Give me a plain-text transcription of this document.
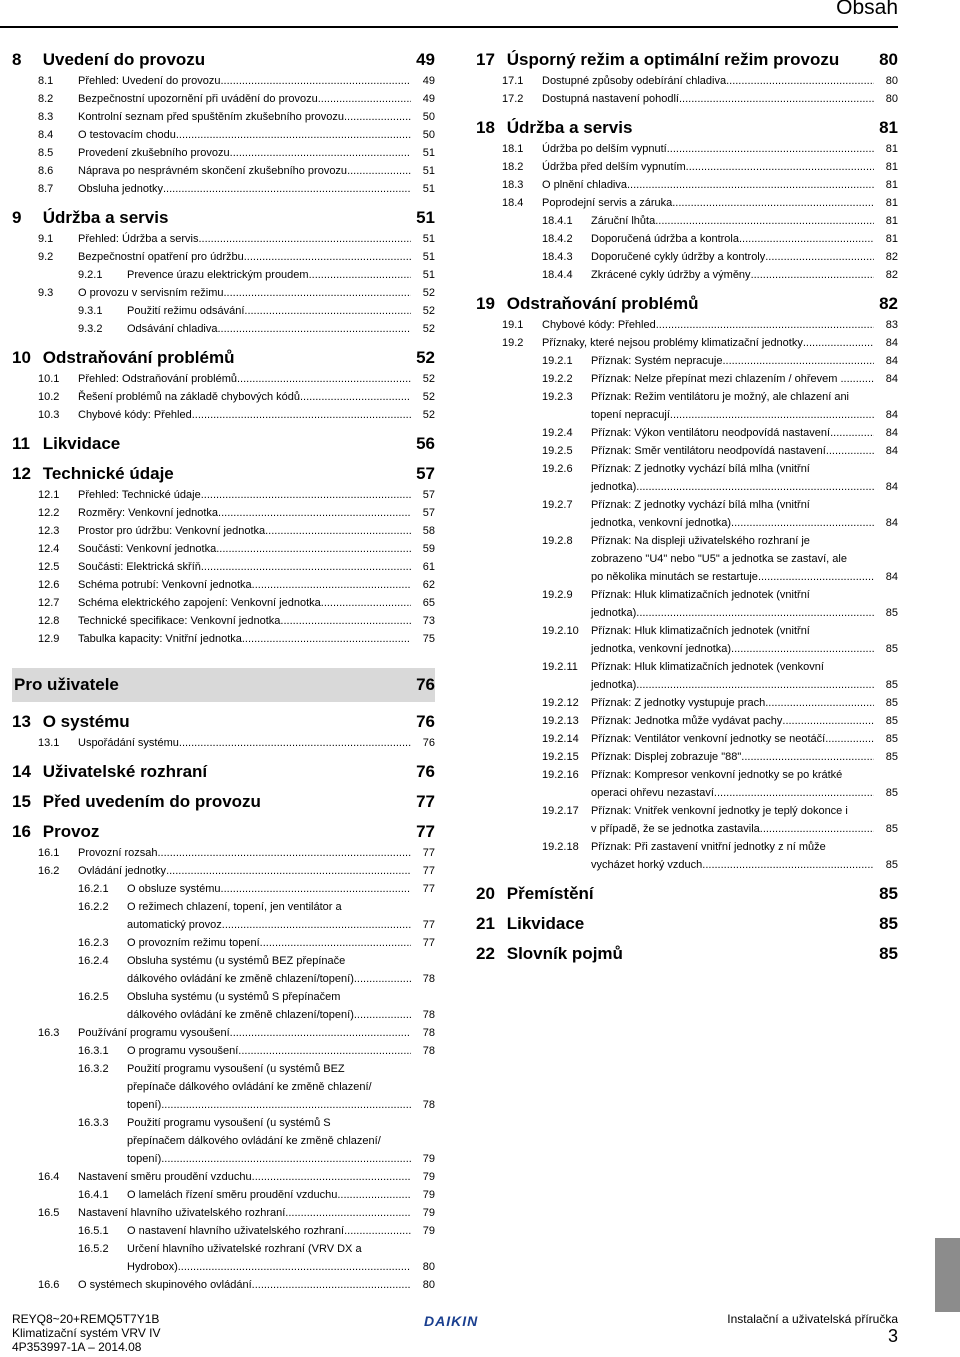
Obsah
8 Uvedení do provozu	49
8.1	Přehled: Uvedení do provozu .....	49
8.2	Bezpečnostní upozornění při uvádění do provozu .....	49
8.3	Kontrolní seznam před spuštěním zkušebního provozu .....	50
8.4	O testovacím chodu .....	50
8.5	Provedení zkušebního provozu .....	51
8.6	Náprava po nesprávném skončení zkušebního provozu .....	51
8.7	Obsluha jednotky .....	51
9 Údržba a servis	51
9.1	Přehled: Údržba a servis .....	51
9.2	Bezpečnostní opatření pro údržbu .....	51
9.2.1	Prevence úrazu elektrickým proudem. .....	51
9.3	O provozu v servisním režimu .....	52
9.3.1	Použití režimu odsávání .....	52
9.3.2	Odsávání chladiva .....	52
10 Odstraňování problémů	52
10.1	Přehled: Odstraňování problémů .....	52
10.2	Řešení problémů na základě chybových kódů .....	52
10.3	Chybové kódy: Přehled .....	52
11 Likvidace	56
12 Technické údaje	57
12.1	Přehled: Technické údaje .....	57
12.2	Rozměry: Venkovní jednotka .....	57
12.3	Prostor pro údržbu: Venkovní jednotka .....	58
12.4	Součásti: Venkovní jednotka .....	59
12.5	Součásti: Elektrická skříň .....	61
12.6	Schéma potrubí: Venkovní jednotka .....	62
12.7	Schéma elektrického zapojení: Venkovní jednotka .....	65
12.8	Technické specifikace: Venkovní jednotka .....	73
12.9	Tabulka kapacity: Vnitřní jednotka .....	75
Pro uživatele	76
13 O systému	76
13.1	Uspořádání systému .....	76
14 Uživatelské rozhraní	76
15 Před uvedením do provozu	77
16 Provoz	77
16.1	Provozní rozsah .....	77
16.2	Ovládání jednotky .....	77
16.2.1	O obsluze systému .....	77
16.2.2	O režimech chlazení, topení, jen ventilátor a
automatický provoz .....	77
16.2.3	O provozním režimu topení .....	77
16.2.4	Obsluha systému (u systémů BEZ přepínače
dálkového ovládání ke změně chlazení/topení) .....	78
16.2.5	Obsluha systému (u systémů S přepínačem
dálkového ovládání ke změně chlazení/topení) .....	78
16.3	Používání programu vysoušení .....	78
16.3.1	O programu vysoušení .....	78
16.3.2	Použití programu vysoušení (u systémů BEZ
přepínače dálkového ovládání ke změně chlazení/
topení) .....	78
16.3.3	Použití programu vysoušení (u systémů S
přepínačem dálkového ovládání ke změně chlazení/
topení) .....	79
16.4	Nastavení směru proudění vzduchu .....	79
16.4.1	O lamelách řízení směru proudění vzduchu .....	79
16.5	Nastavení hlavního uživatelského rozhraní .....	79
16.5.1	O nastavení hlavního uživatelského rozhraní .....	79
16.5.2	Určení hlavního uživatelské rozhraní (VRV DX a
Hydrobox) .....	80
16.6	O systémech skupinového ovládání .....	80
17 Úsporný režim a optimální režim provozu 80
17.1	Dostupné způsoby odebírání chladiva .....	80
17.2	Dostupná nastavení pohodlí .....	80
18 Údržba a servis	81
18.1	Údržba po delším vypnutí .....	81
18.2	Údržba před delším vypnutím .....	81
18.3	O plnění chladiva .....	81
18.4	Poprodejní servis a záruka .....	81
18.4.1	Záruční lhůta .....	81
18.4.2	Doporučená údržba a kontrola .....	81
18.4.3	Doporučené cykly údržby a kontroly .....	82
18.4.4	Zkrácené cykly údržby a výměny .....	82
19 Odstraňování problémů	82
19.1	Chybové kódy: Přehled .....	83
19.2	Příznaky, které nejsou problémy klimatizační jednotky .....	84
19.2.1	Příznak: Systém nepracuje .....	84
19.2.2	Příznak: Nelze přepínat mezi chlazením / ohřevem .. .....	84
19.2.3	Příznak: Režim ventilátoru je možný, ale chlazení ani
topení nepracují .....	84
19.2.4	Příznak: Výkon ventilátoru neodpovídá nastavení .....	84
19.2.5	Příznak: Směr ventilátoru neodpovídá nastavení .....	84
19.2.6	Příznak: Z jednotky vychází bílá mlha (vnitřní
jednotka) .....	84
19.2.7	Příznak: Z jednotky vychází bílá mlha (vnitřní
jednotka, venkovní jednotka) .....	84
19.2.8	Příznak: Na displeji uživatelského rozhraní je
zobrazeno "U4" nebo "U5" a jednotka se zastaví, ale
po několika minutách se restartuje .....	84
19.2.9	Příznak: Hluk klimatizačních jednotek (vnitřní
jednotka) .....	85
19.2.10	Příznak: Hluk klimatizačních jednotek (vnitřní
jednotka, venkovní jednotka) .....	85
19.2.11	Příznak: Hluk klimatizačních jednotek (venkovní
jednotka) .....	85
19.2.12	Příznak: Z jednotky vystupuje prach .....	85
19.2.13	Příznak: Jednotka může vydávat pachy .....	85
19.2.14	Příznak: Ventilátor venkovní jednotky se neotáčí .....	85
19.2.15	Příznak: Displej zobrazuje "88" .....	85
19.2.16	Příznak: Kompresor venkovní jednotky se po krátké
operaci ohřevu nezastaví .....	85
19.2.17	Příznak: Vnitřek venkovní jednotky je teplý dokonce i
v případě, že se jednotka zastavila .....	85
19.2.18	Příznak: Při zastavení vnitřní jednotky z ní může
vycházet horký vzduch .....	85
20 Přemístění	85
21 Likvidace	85
22 Slovník pojmů	85
REYQ8~20+REMQ5T7Y1B
Klimatizační systém VRV IV
4P353997-1A – 2014.08
DAIKIN	Instalační a uživatelská příručka
3
